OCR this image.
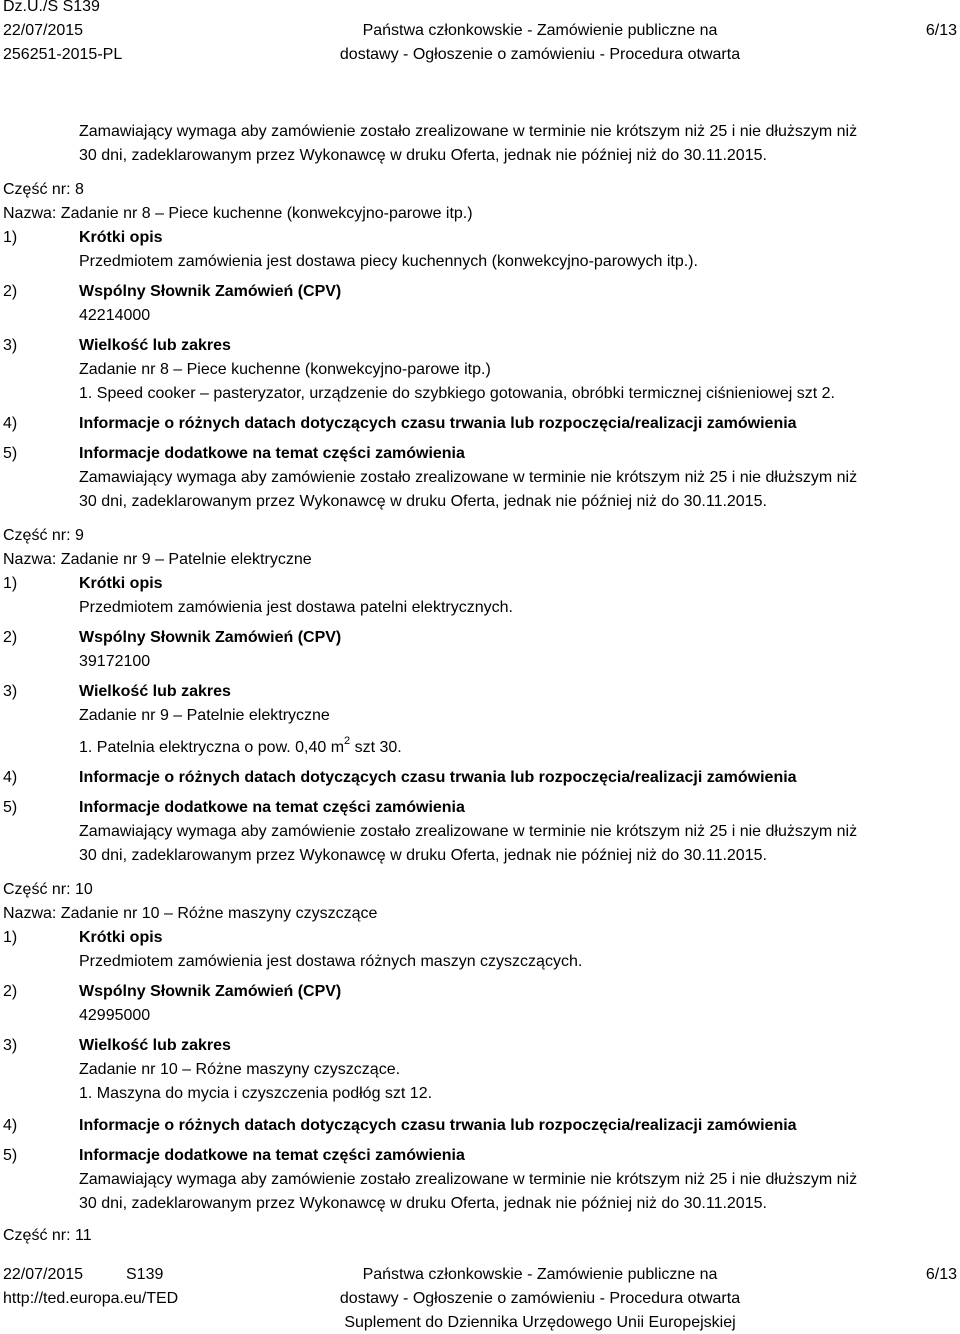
Dz.U./S S139
22/07/2015
256251-2015-PL
Państwa członkowskie - Zamówienie publiczne na
dostawy - Ogłoszenie o zamówieniu - Procedura otwarta
6/13
Zamawiający wymaga aby zamówienie zostało zrealizowane w terminie nie krótszym niż 25 i nie dłuższym niż
30 dni, zadeklarowanym przez Wykonawcę w druku Oferta, jednak nie później niż do 30.11.2015.
Część nr: 8
Nazwa: Zadanie nr 8 – Piece kuchenne (konwekcyjno-parowe itp.)
1)	Krótki opis
Przedmiotem zamówienia jest dostawa piecy kuchennych (konwekcyjno-parowych itp.).
2)	Wspólny Słownik Zamówień (CPV)
42214000
3)	Wielkość lub zakres
Zadanie nr 8 – Piece kuchenne (konwekcyjno-parowe itp.)
1. Speed cooker – pasteryzator, urządzenie do szybkiego gotowania, obróbki termicznej ciśnieniowej szt 2.
4)	Informacje o różnych datach dotyczących czasu trwania lub rozpoczęcia/realizacji zamówienia
5)	Informacje dodatkowe na temat części zamówienia
Zamawiający wymaga aby zamówienie zostało zrealizowane w terminie nie krótszym niż 25 i nie dłuższym niż
30 dni, zadeklarowanym przez Wykonawcę w druku Oferta, jednak nie później niż do 30.11.2015.
Część nr: 9
Nazwa: Zadanie nr 9 – Patelnie elektryczne
1)	Krótki opis
Przedmiotem zamówienia jest dostawa patelni elektrycznych.
2)	Wspólny Słownik Zamówień (CPV)
39172100
3)	Wielkość lub zakres
Zadanie nr 9 – Patelnie elektryczne
1. Patelnia elektryczna o pow. 0,40 $m^2$ szt 30.
4)	Informacje o różnych datach dotyczących czasu trwania lub rozpoczęcia/realizacji zamówienia
5)	Informacje dodatkowe na temat części zamówienia
Zamawiający wymaga aby zamówienie zostało zrealizowane w terminie nie krótszym niż 25 i nie dłuższym niż
30 dni, zadeklarowanym przez Wykonawcę w druku Oferta, jednak nie później niż do 30.11.2015.
Część nr: 10
Nazwa: Zadanie nr 10 – Różne maszyny czyszczące
1)	Krótki opis
Przedmiotem zamówienia jest dostawa różnych maszyn czyszczących.
2)	Wspólny Słownik Zamówień (CPV)
42995000
3)	Wielkość lub zakres
Zadanie nr 10 – Różne maszyny czyszczące.
1. Maszyna do mycia i czyszczenia podłóg szt 12.
4)	Informacje o różnych datach dotyczących czasu trwania lub rozpoczęcia/realizacji zamówienia
5)	Informacje dodatkowe na temat części zamówienia
Zamawiający wymaga aby zamówienie zostało zrealizowane w terminie nie krótszym niż 25 i nie dłuższym niż
30 dni, zadeklarowanym przez Wykonawcę w druku Oferta, jednak nie później niż do 30.11.2015.
Część nr: 11
22/07/2015	S139
http://ted.europa.eu/TED
Państwa członkowskie - Zamówienie publiczne na
dostawy - Ogłoszenie o zamówieniu - Procedura otwarta
Suplement do Dziennika Urzędowego Unii Europejskiej
6/13
